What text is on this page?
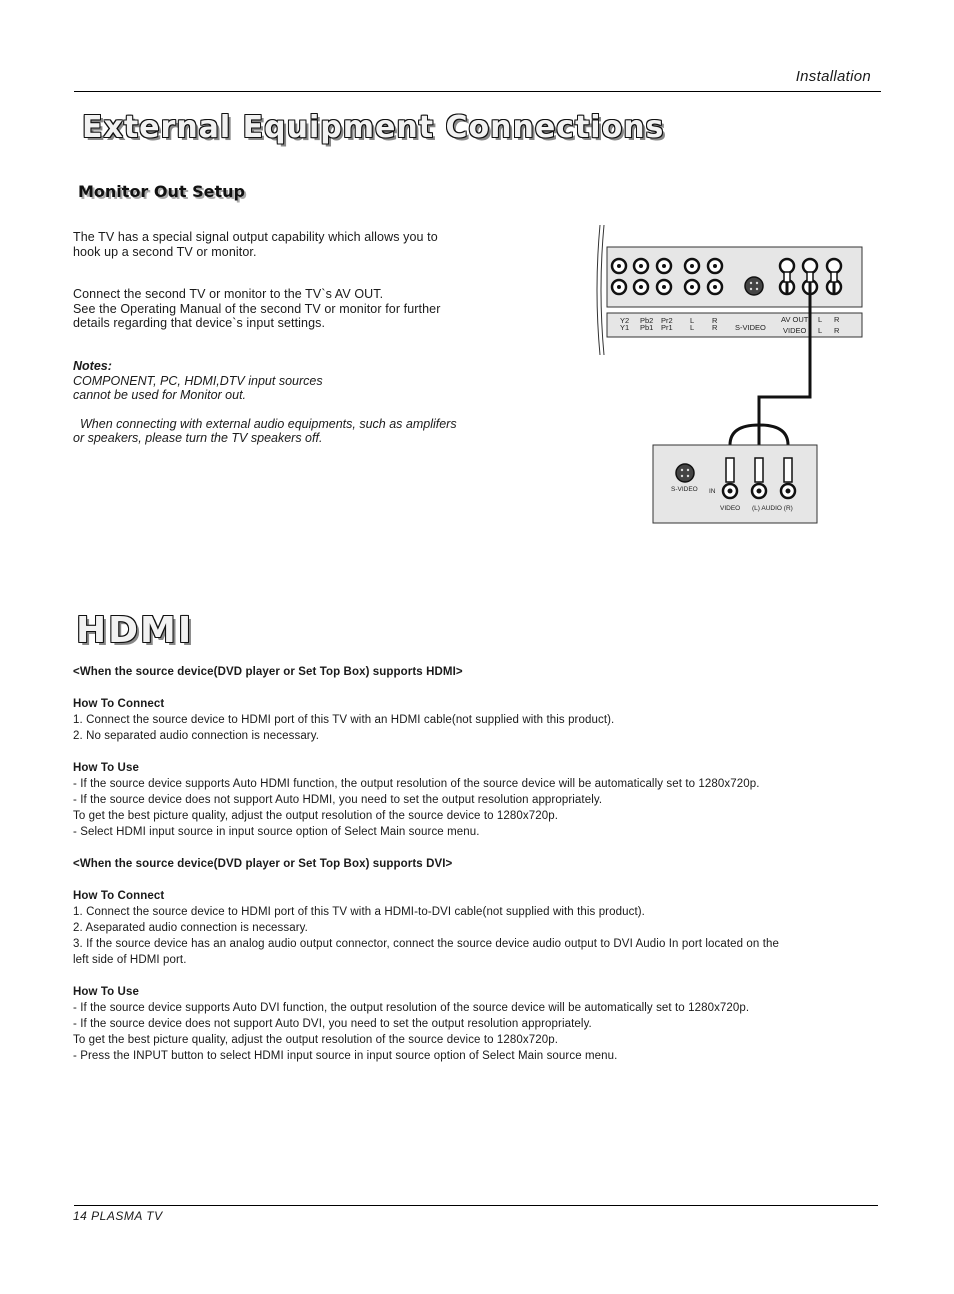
Installation
External Equipment Connections
Monitor Out Setup

The TV has a special signal output capability which allows you to

hook up a second TV or monitor.

Connect the second TV or monitor to the TV`s AV OUT.

See the Operating Manual of the second TV or monitor for further

details regarding that device`s input settings.

Notes:

COMPONENT, PC, HDMI,DTV input sources

cannot be used for Monitor out.

When connecting with external audio equipments, such as amplifers

or speakers, please turn the TV speakers off.

Y2
Y1
Pb2
Pb1
Pr2
Pr1
L
L
R
R S-VIDEO
AV OUT
VIDEO
L R
L R
S-VIDEO IN
VIDEO (L) AUDIO (R)
HDMI

<When the source device(DVD player or Set Top Box) supports HDMI>

How To Connect

1. Connect the source device to HDMI port of this TV with an HDMI cable(not supplied with this product).

2. No separated audio connection is necessary.

How To Use

- If the source device supports Auto HDMI function, the output resolution of the source device will be automatically set to 1280x720p.

- If the source device does not support Auto HDMI, you need to set the output resolution appropriately.

To get the best picture quality, adjust the output resolution of the source device to 1280x720p.

- Select HDMI input source in input source option of Select Main source menu.

<When the source device(DVD player or Set Top Box) supports DVI>

How To Connect

1. Connect the source device to HDMI port of this TV with a HDMI-to-DVI cable(not supplied with this product).

2. Aseparated audio connection is necessary.

3. If the source device has an analog audio output connector, connect the source device audio output to DVI Audio In port located on the

left side of HDMI port.

How To Use

- If the source device supports Auto DVI function, the output resolution of the source device will be automatically set to 1280x720p.

- If the source device does not support Auto DVI, you need to set the output resolution appropriately.

To get the best picture quality, adjust the output resolution of the source device to 1280x720p.

- Press the INPUT button to select HDMI input source in input source option of Select Main source menu.

14 PLASMA TV
